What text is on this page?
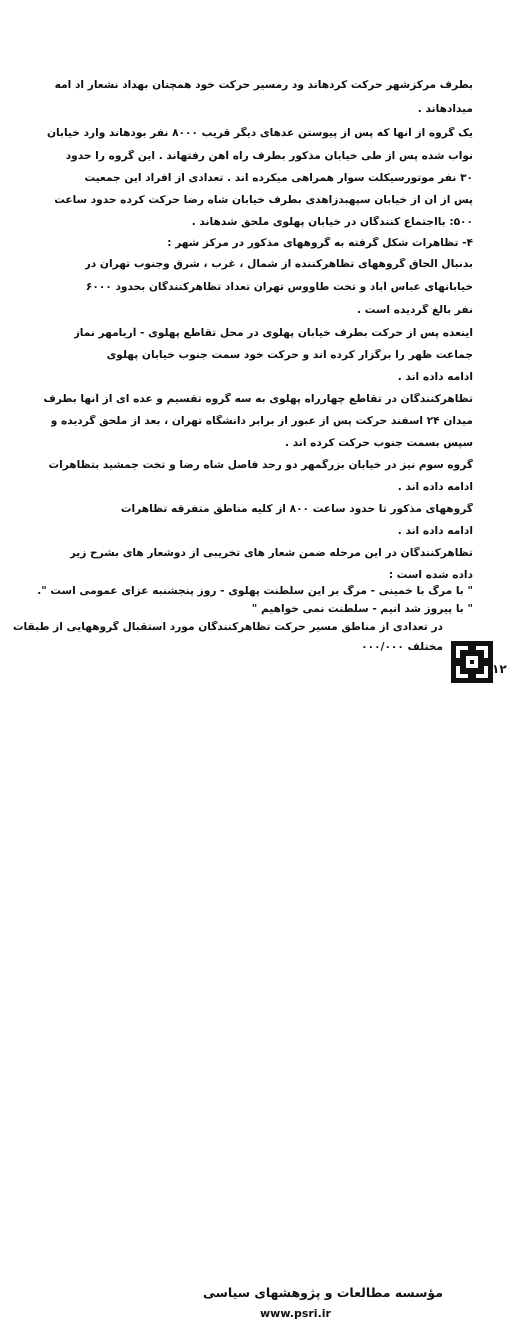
بطرف مرکزشهر حرکت کردهاند ود رمسیر حرکت خود همچنان بهداد نشعار اد امه
میدادهاند .
یک گروه از آنها که پس از پیوستن عدهای دیگر قریب ۸۰۰۰ نفر بودهاند وارد خیابان
نواب شده پس از طی خیابان مذکور بطرف راه آهن رفتهاند . این گروه را حدود
۳۰ نفر موتورسیکلت سوار همراهی میکرده اند . تعدادی از افراد این جمعیت
پس از آن از خیابان سپهبدزاهدی بطرف خیابان شاه رضا حرکت کرده حدود ساعت
۵۰۰: بااجتماع کنندگان در خیابان پهلوی ملحق شدهاند .
۴- تظاهرات شکل گرفته به گروههای مذکور در مرکز شهر :
بدنبال الحاق گروههای تظاهرکننده از شمال ، غرب ، شرق وجنوب تهران در
خیابانهای عباس آباد و تخت طاووس تهران تعداد تظاهرکنندگان بحدود ۶۰۰۰
نفر بالغ گردیده است .
اینعده پس از حرکت بطرف خیابان پهلوی در محل تقاطع پهلوی - آریامهر نماز
جماعت ظهر را برگزار کرده اند و حرکت خود سمت جنوب خیابان پهلوی
ادامه داده اند .
تظاهرکنندگان در تقاطع چهارراه پهلوی به سه گروه تقسیم و عده ای از آنها بطرف
میدان ۲۴ اسفند حرکت پس از عبور از برابر دانشگاه تهران ، بعد از ملحق گردیده و
سپس بسمت جنوب حرکت کرده اند .
گروه سوم نیز در خیابان بزرگمهر دو رحد فاصل شاه رضا و تخت جمشید بتظاهرات
ادامه داده اند .
گروههای مذکور تا حدود ساعت ۸۰۰ از کلیه مناطق متفرقه تظاهرات
ادامه داده اند .
تظاهرکنندگان در این مرحله ضمن شعار های تخریبی از دوشعار های بشرح زیر
داده شده است :
" با مرگ با خمینی - مرگ بر این سلطنت پهلوی - روز پنجشنبه عزای عمومی است ".
" با پیروز شد آنیم - سلطنت نمی خواهیم "
در تعدادی از مناطق مسیر حرکت تظاهرکنندگان مورد استقبال گروههایی از طبقات
مختلف ۰۰۰/۰۰۰
مؤسسه مطالعات و پژوهشهای سیاسی
www.psri.ir
۱۲
